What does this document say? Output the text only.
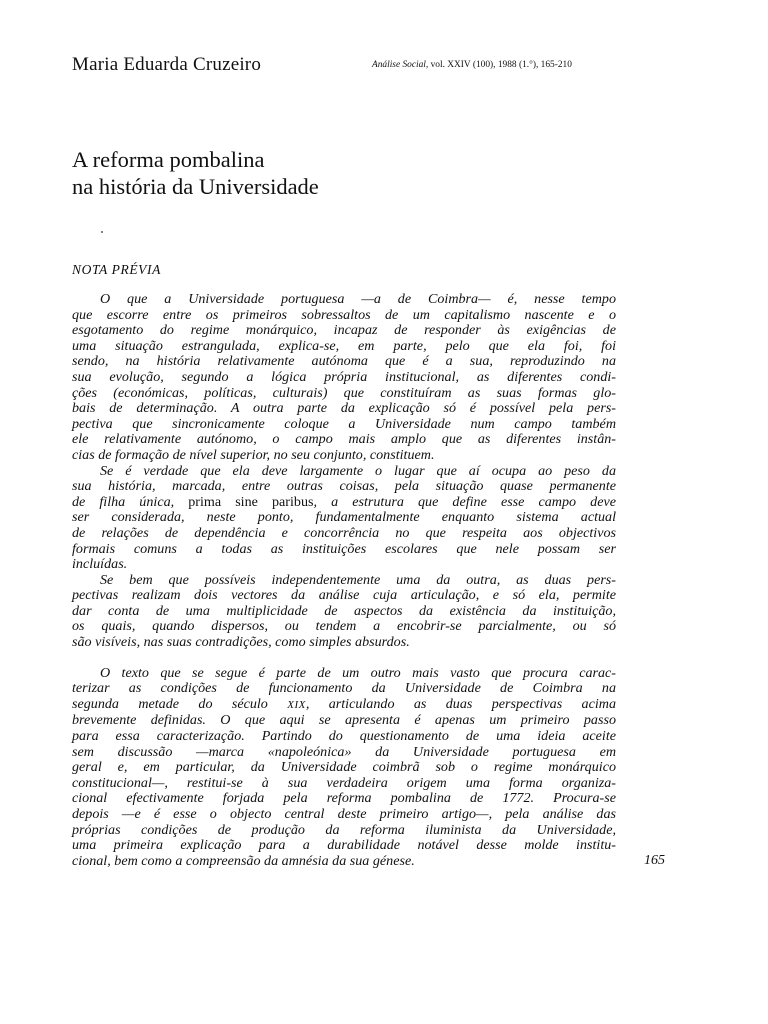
Maria Eduarda Cruzeiro	Análise Social, vol. XXIV (100), 1988 (1.°), 165-210
A reforma pombalina
na história da Universidade
NOTA PRÉVIA

O que a Universidade portuguesa —a de Coimbra— é, nesse tempo
que escorre entre os primeiros sobressaltos de um capitalismo nascente e o
esgotamento do regime monárquico, incapaz de responder às exigências de
uma situação estrangulada, explica-se, em parte, pelo que ela foi, foi
sendo, na história relativamente autónoma que é a sua, reproduzindo na
sua evolução, segundo a lógica própria institucional, as diferentes condi-
ções (económicas, políticas, culturais) que constituíram as suas formas glo-
bais de determinação. A outra parte da explicação só é possível pela pers-
pectiva que sincronicamente coloque a Universidade num campo também
ele relativamente autónomo, o campo mais amplo que as diferentes instân-
cias de formação de nível superior, no seu conjunto, constituem.

Se é verdade que ela deve largamente o lugar que aí ocupa ao peso da
sua história, marcada, entre outras coisas, pela situação quase permanente
de filha única, prima sine paribus, a estrutura que define esse campo deve
ser considerada, neste ponto, fundamentalmente enquanto sistema actual
de relações de dependência e concorrência no que respeita aos objectivos
formais comuns a todas as instituições escolares que nele possam ser
incluídas.

Se bem que possíveis independentemente uma da outra, as duas pers-
pectivas realizam dois vectores da análise cuja articulação, e só ela, permite
dar conta de uma multiplicidade de aspectos da existência da instituição,
os quais, quando dispersos, ou tendem a encobrir-se parcialmente, ou só
são visíveis, nas suas contradições, como simples absurdos.

O texto que se segue é parte de um outro mais vasto que procura carac-
terizar as condições de funcionamento da Universidade de Coimbra na
segunda metade do século XIX, articulando as duas perspectivas acima
brevemente definidas. O que aqui se apresenta é apenas um primeiro passo
para essa caracterização. Partindo do questionamento de uma ideia aceite
sem discussão —marca «napoleónica» da Universidade portuguesa em
geral e, em particular, da Universidade coimbrã sob o regime monárquico
constitucional—, restitui-se à sua verdadeira origem uma forma organiza-
cional efectivamente forjada pela reforma pombalina de 1772. Procura-se
depois —e é esse o objecto central deste primeiro artigo—, pela análise das
próprias condições de produção da reforma iluminista da Universidade,
uma primeira explicação para a durabilidade notável desse molde institu-
cional, bem como a compreensão da amnésia da sua génese.	165
